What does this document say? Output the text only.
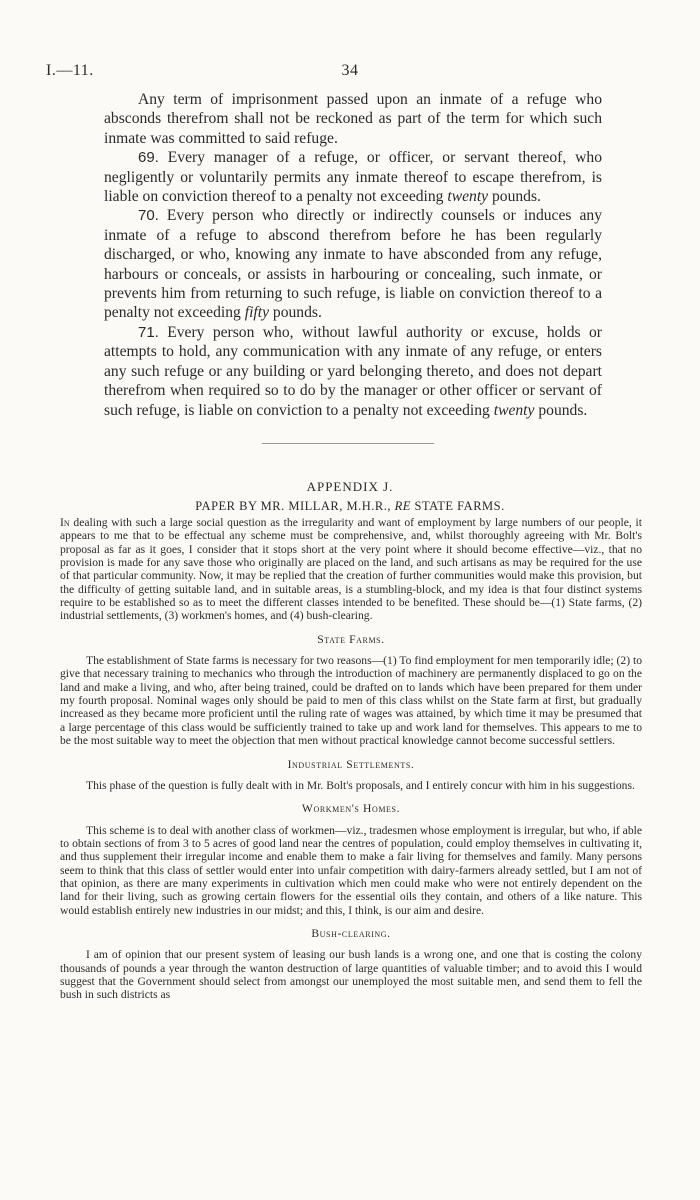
34
I.—11.

Any term of imprisonment passed upon an inmate of a refuge who absconds therefrom shall not be reckoned as part of the term for which such inmate was committed to said refuge.

69. Every manager of a refuge, or officer, or servant thereof, who negligently or voluntarily permits any inmate thereof to escape therefrom, is liable on conviction thereof to a penalty not exceeding twenty pounds.

70. Every person who directly or indirectly counsels or induces any inmate of a refuge to abscond therefrom before he has been regularly discharged, or who, knowing any inmate to have absconded from any refuge, harbours or conceals, or assists in harbouring or concealing, such inmate, or prevents him from returning to such refuge, is liable on conviction thereof to a penalty not exceeding fifty pounds.

71. Every person who, without lawful authority or excuse, holds or attempts to hold, any communication with any inmate of any refuge, or enters any such refuge or any building or yard belonging thereto, and does not depart therefrom when required so to do by the manager or other officer or servant of such refuge, is liable on conviction to a penalty not exceeding twenty pounds.

APPENDIX J.
PAPER BY MR. MILLAR, M.H.R., RE STATE FARMS.

In dealing with such a large social question as the irregularity and want of employment by large numbers of our people, it appears to me that to be effectual any scheme must be comprehensive, and, whilst thoroughly agreeing with Mr. Bolt's proposal as far as it goes, I consider that it stops short at the very point where it should become effective—viz., that no provision is made for any save those who originally are placed on the land, and such artisans as may be required for the use of that particular community. Now, it may be replied that the creation of further communities would make this provision, but the difficulty of getting suitable land, and in suitable areas, is a stumbling-block, and my idea is that four distinct systems require to be established so as to meet the different classes intended to be benefited. These should be—(1) State farms, (2) industrial settlements, (3) workmen's homes, and (4) bush-clearing.

State Farms.

The establishment of State farms is necessary for two reasons—(1) To find employment for men temporarily idle; (2) to give that necessary training to mechanics who through the introduction of machinery are permanently displaced to go on the land and make a living, and who, after being trained, could be drafted on to lands which have been prepared for them under my fourth proposal. Nominal wages only should be paid to men of this class whilst on the State farm at first, but gradually increased as they became more proficient until the ruling rate of wages was attained, by which time it may be presumed that a large percentage of this class would be sufficiently trained to take up and work land for themselves. This appears to me to be the most suitable way to meet the objection that men without practical knowledge cannot become successful settlers.

Industrial Settlements.

This phase of the question is fully dealt with in Mr. Bolt's proposals, and I entirely concur with him in his suggestions.

Workmen's Homes.

This scheme is to deal with another class of workmen—viz., tradesmen whose employment is irregular, but who, if able to obtain sections of from 3 to 5 acres of good land near the centres of population, could employ themselves in cultivating it, and thus supplement their irregular income and enable them to make a fair living for themselves and family. Many persons seem to think that this class of settler would enter into unfair competition with dairy-farmers already settled, but I am not of that opinion, as there are many experiments in cultivation which men could make who were not entirely dependent on the land for their living, such as growing certain flowers for the essential oils they contain, and others of a like nature. This would establish entirely new industries in our midst; and this, I think, is our aim and desire.

Bush-clearing.

I am of opinion that our present system of leasing our bush lands is a wrong one, and one that is costing the colony thousands of pounds a year through the wanton destruction of large quantities of valuable timber; and to avoid this I would suggest that the Government should select from amongst our unemployed the most suitable men, and send them to fell the bush in such districts as
